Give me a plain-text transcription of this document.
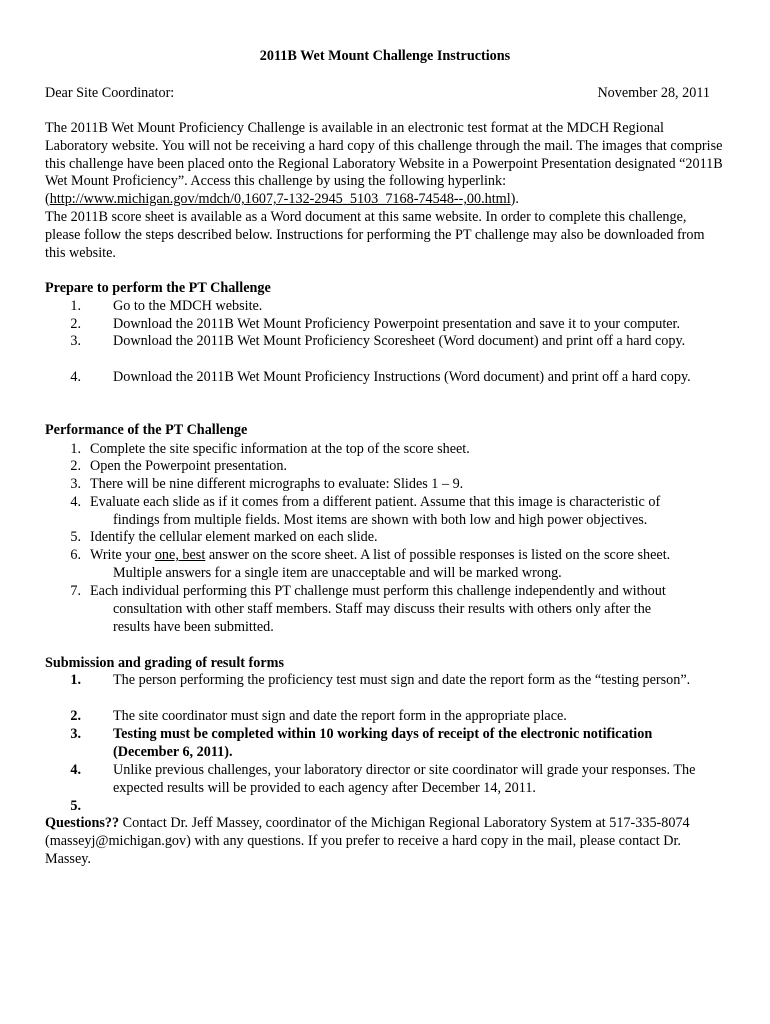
2011B Wet Mount Challenge Instructions
Dear Site Coordinator:	November 28, 2011
The 2011B Wet Mount Proficiency Challenge is available in an electronic test format at the MDCH Regional Laboratory website. You will not be receiving a hard copy of this challenge through the mail. The images that comprise this challenge have been placed onto the Regional Laboratory Website in a Powerpoint Presentation designated “2011B Wet Mount Proficiency”. Access this challenge by using the following hyperlink: (http://www.michigan.gov/mdch/0,1607,7-132-2945_5103_7168-74548--,00.html).
The 2011B score sheet is available as a Word document at this same website. In order to complete this challenge, please follow the steps described below. Instructions for performing the PT challenge may also be downloaded from this website.
Prepare to perform the PT Challenge
1. Go to the MDCH website.
2. Download the 2011B Wet Mount Proficiency Powerpoint presentation and save it to your computer.
3. Download the 2011B Wet Mount Proficiency Scoresheet (Word document) and print off a hard copy.
4. Download the 2011B Wet Mount Proficiency Instructions (Word document) and print off a hard copy.
Performance of the PT Challenge
1. Complete the site specific information at the top of the score sheet.
2. Open the Powerpoint presentation.
3. There will be nine different micrographs to evaluate: Slides 1 – 9.
4. Evaluate each slide as if it comes from a different patient. Assume that this image is characteristic of
findings from multiple fields. Most items are shown with both low and high power objectives.
5. Identify the cellular element marked on each slide.
6. Write your one, best answer on the score sheet. A list of possible responses is listed on the score sheet.
Multiple answers for a single item are unacceptable and will be marked wrong.
7. Each individual performing this PT challenge must perform this challenge independently and without
consultation with other staff members. Staff may discuss their results with others only after the
results have been submitted.
Submission and grading of result forms
1. The person performing the proficiency test must sign and date the report form as the “testing person”.
2. The site coordinator must sign and date the report form in the appropriate place.
3. Testing must be completed within 10 working days of receipt of the electronic notification (December 6, 2011).
4. Unlike previous challenges, your laboratory director or site coordinator will grade your responses. The expected results will be provided to each agency after December 14, 2011.
5.
Questions?? Contact Dr. Jeff Massey, coordinator of the Michigan Regional Laboratory System at 517-335-8074 (masseyj@michigan.gov) with any questions. If you prefer to receive a hard copy in the mail, please contact Dr. Massey.
